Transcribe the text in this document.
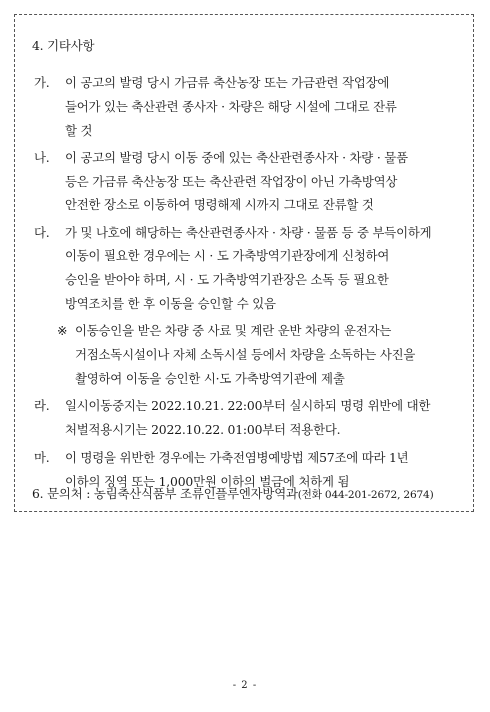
4. 기타사항
가. 이 공고의 발령 당시 가금류 축산농장 또는 가금관련 작업장에
들어가 있는 축산관련 종사자 · 차량은 해당 시설에 그대로 잔류
할 것
나. 이 공고의 발령 당시 이동 중에 있는 축산관련종사자 · 차량 · 물품
등은 가금류 축산농장 또는 축산관련 작업장이 아닌 가축방역상
안전한 장소로 이동하여 명령해제 시까지 그대로 잔류할 것
다. 가 및 나호에 해당하는 축산관련종사자 · 차량 · 물품 등 중 부득이하게
이동이 필요한 경우에는 시 · 도 가축방역기관장에게 신청하여
승인을 받아야 하며, 시 · 도 가축방역기관장은 소독 등 필요한
방역조치를 한 후 이동을 승인할 수 있음
※ 이동승인을 받은 차량 중 사료 및 계란 운반 차량의 운전자는
거점소독시설이나 자체 소독시설 등에서 차량을 소독하는 사진을
촬영하여 이동을 승인한 시·도 가축방역기관에 제출
라. 일시이동중지는 2022.10.21. 22:00부터 실시하되 명령 위반에 대한
처벌적용시기는 2022.10.22. 01:00부터 적용한다.
마. 이 명령을 위반한 경우에는 가축전염병예방법 제57조에 따라 1년
이하의 징역 또는 1,000만원 이하의 벌금에 처하게 됨
6. 문의처 : 농림축산식품부 조류인플루엔자방역과(전화 044-201-2672, 2674)
- 2 -
